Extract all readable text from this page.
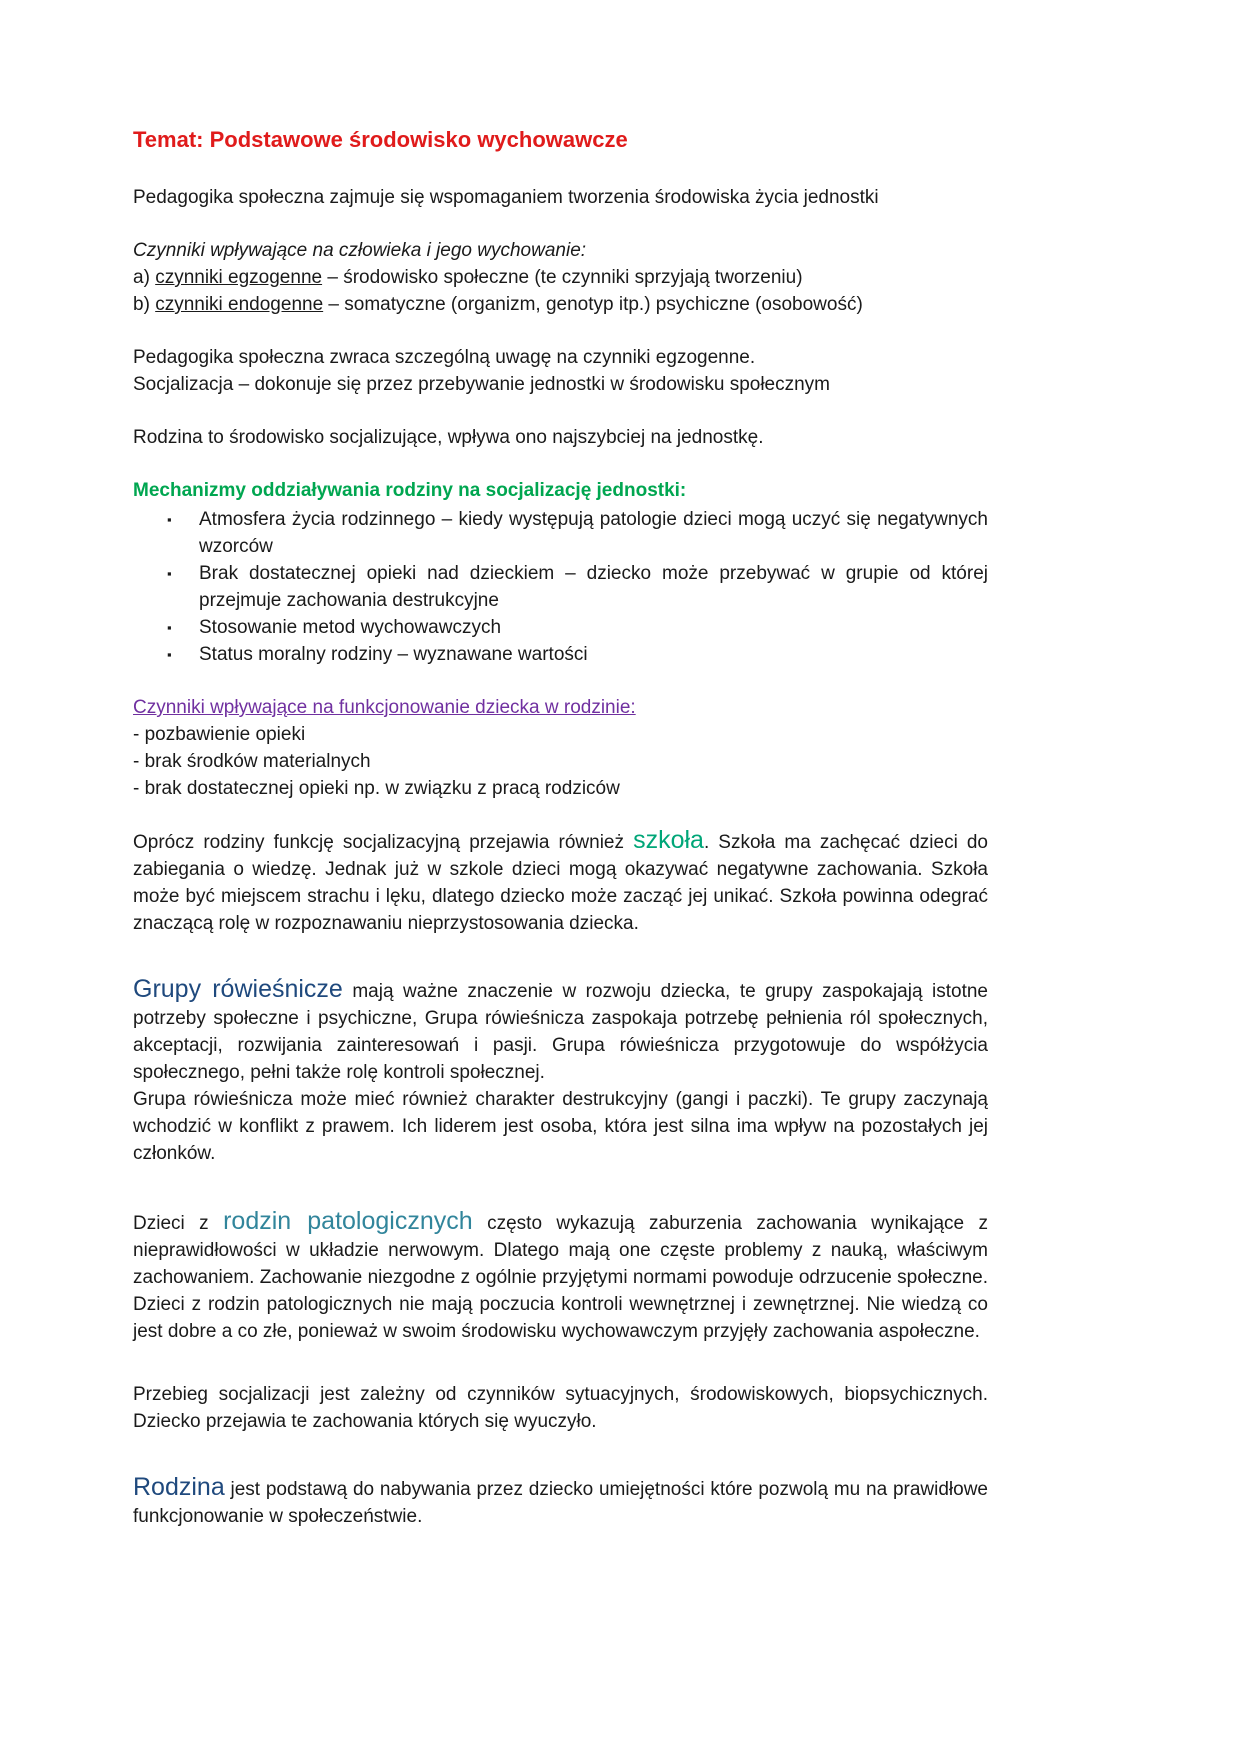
Temat: Podstawowe środowisko wychowawcze

Pedagogika społeczna zajmuje się wspomaganiem tworzenia środowiska życia jednostki

Czynniki wpływające na człowieka i jego wychowanie:

a) czynniki egzogenne – środowisko społeczne (te czynniki sprzyjają tworzeniu)

b) czynniki endogenne – somatyczne (organizm, genotyp itp.) psychiczne (osobowość)

Pedagogika społeczna zwraca szczególną uwagę na czynniki egzogenne.

Socjalizacja – dokonuje się przez przebywanie jednostki w środowisku społecznym

Rodzina to środowisko socjalizujące, wpływa ono najszybciej na jednostkę.

Mechanizmy oddziaływania rodziny na socjalizację jednostki:

▪ Atmosfera życia rodzinnego – kiedy występują patologie dzieci mogą uczyć się negatywnych wzorców
▪ Brak dostatecznej opieki nad dzieckiem – dziecko może przebywać w grupie od której przejmuje zachowania destrukcyjne
▪ Stosowanie metod wychowawczych
▪ Status moralny rodziny – wyznawane wartości

Czynniki wpływające na funkcjonowanie dziecka w rodzinie:

- pozbawienie opieki

- brak środków materialnych

- brak dostatecznej opieki np. w związku z pracą rodziców

Oprócz rodziny funkcję socjalizacyjną przejawia również szkoła. Szkoła ma zachęcać dzieci do zabiegania o wiedzę. Jednak już w szkole dzieci mogą okazywać negatywne zachowania. Szkoła może być miejscem strachu i lęku, dlatego dziecko może zacząć jej unikać. Szkoła powinna odegrać znaczącą rolę w rozpoznawaniu nieprzystosowania dziecka.

Grupy rówieśnicze mają ważne znaczenie w rozwoju dziecka, te grupy zaspokajają istotne potrzeby społeczne i psychiczne, Grupa rówieśnicza zaspokaja potrzebę pełnienia ról społecznych, akceptacji, rozwijania zainteresowań i pasji. Grupa rówieśnicza przygotowuje do współżycia społecznego, pełni także rolę kontroli społecznej.

Grupa rówieśnicza może mieć również charakter destrukcyjny (gangi i paczki). Te grupy zaczynają wchodzić w konflikt z prawem. Ich liderem jest osoba, która jest silna ima wpływ na pozostałych jej członków.

Dzieci z rodzin patologicznych często wykazują zaburzenia zachowania wynikające z nieprawidłowości w układzie nerwowym. Dlatego mają one częste problemy z nauką, właściwym zachowaniem. Zachowanie niezgodne z ogólnie przyjętymi normami powoduje odrzucenie społeczne. Dzieci z rodzin patologicznych nie mają poczucia kontroli wewnętrznej i zewnętrznej. Nie wiedzą co jest dobre a co złe, ponieważ w swoim środowisku wychowawczym przyjęły zachowania aspołeczne.

Przebieg socjalizacji jest zależny od czynników sytuacyjnych, środowiskowych, biopsychicznych. Dziecko przejawia te zachowania których się wyuczyło.

Rodzina jest podstawą do nabywania przez dziecko umiejętności które pozwolą mu na prawidłowe funkcjonowanie w społeczeństwie.
